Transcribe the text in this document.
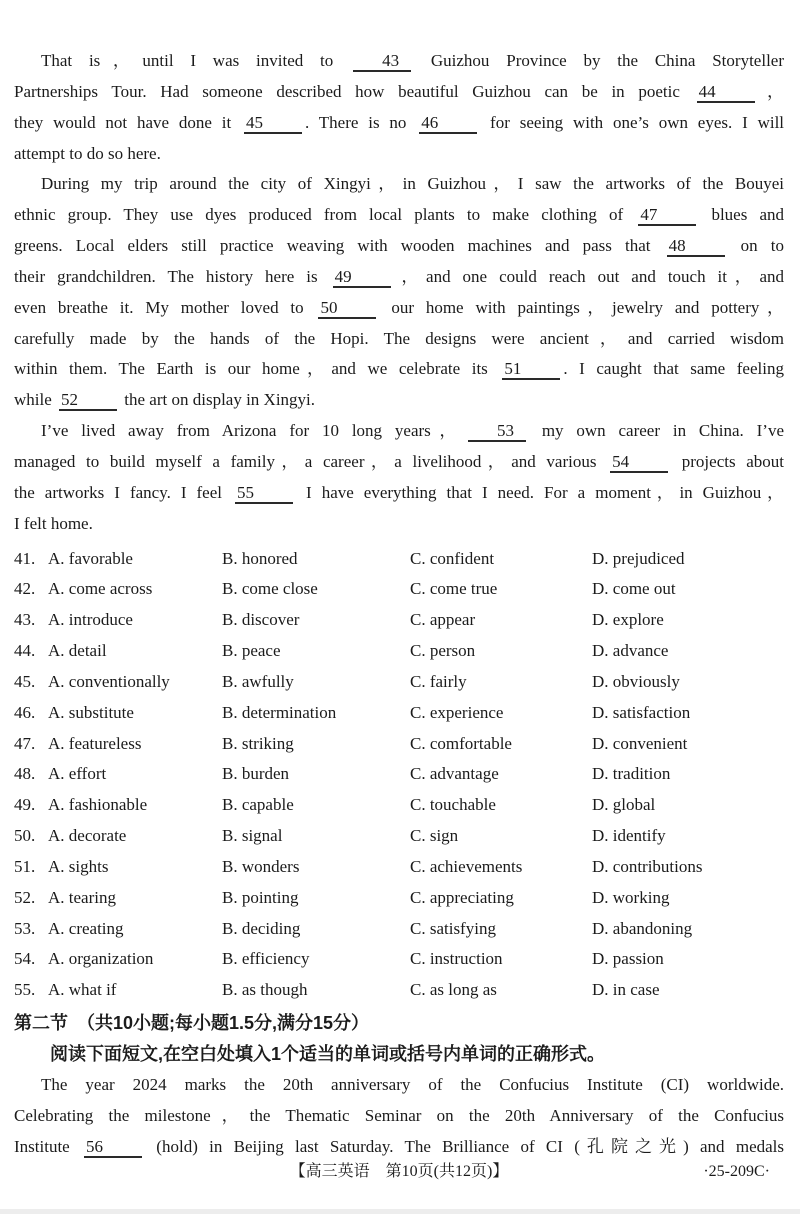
That is，until I was invited to 43 Guizhou Province by the China Storyteller
Partnerships Tour. Had someone described how beautiful Guizhou can be in poetic 44 ，
they would not have done it 45 . There is no 46 for seeing with one’s own eyes. I will
attempt to do so here.
During my trip around the city of Xingyi，in Guizhou，I saw the artworks of the Bouyei
ethnic group. They use dyes produced from local plants to make clothing of 47 blues and
greens. Local elders still practice weaving with wooden machines and pass that 48 on to
their grandchildren. The history here is 49 ，and one could reach out and touch it，and
even breathe it. My mother loved to 50 our home with paintings，jewelry and pottery，
carefully made by the hands of the Hopi. The designs were ancient，and carried wisdom
within them. The Earth is our home，and we celebrate its 51 . I caught that same feeling
while 52 the art on display in Xingyi.
I’ve lived away from Arizona for 10 long years， 53 my own career in China. I’ve
managed to build myself a family，a career，a livelihood，and various 54 projects about
the artworks I fancy. I feel 55 I have everything that I need. For a moment，in Guizhou，
I felt home.
41. A. favorable	B. honored	C. confident	D. prejudiced
42. A. come across	B. come close	C. come true	D. come out
43. A. introduce	B. discover	C. appear	D. explore
44. A. detail	B. peace	C. person	D. advance
45. A. conventionally	B. awfully	C. fairly	D. obviously
46. A. substitute	B. determination	C. experience	D. satisfaction
47. A. featureless	B. striking	C. comfortable	D. convenient
48. A. effort	B. burden	C. advantage	D. tradition
49. A. fashionable	B. capable	C. touchable	D. global
50. A. decorate	B. signal	C. sign	D. identify
51. A. sights	B. wonders	C. achievements	D. contributions
52. A. tearing	B. pointing	C. appreciating	D. working
53. A. creating	B. deciding	C. satisfying	D. abandoning
54. A. organization	B. efficiency	C. instruction	D. passion
55. A. what if	B. as though	C. as long as	D. in case
第二节　（共10小题;每小题1.5分,满分15分）
阅读下面短文,在空白处填入1个适当的单词或括号内单词的正确形式。
The year 2024 marks the 20th anniversary of the Confucius Institute (CI) worldwide.
Celebrating the milestone，the Thematic Seminar on the 20th Anniversary of the Confucius
Institute 56 (hold) in Beijing last Saturday. The Brilliance of CI (孔院之光) and medals
【高三英语　第10页(共12页)】	·25-209C·
